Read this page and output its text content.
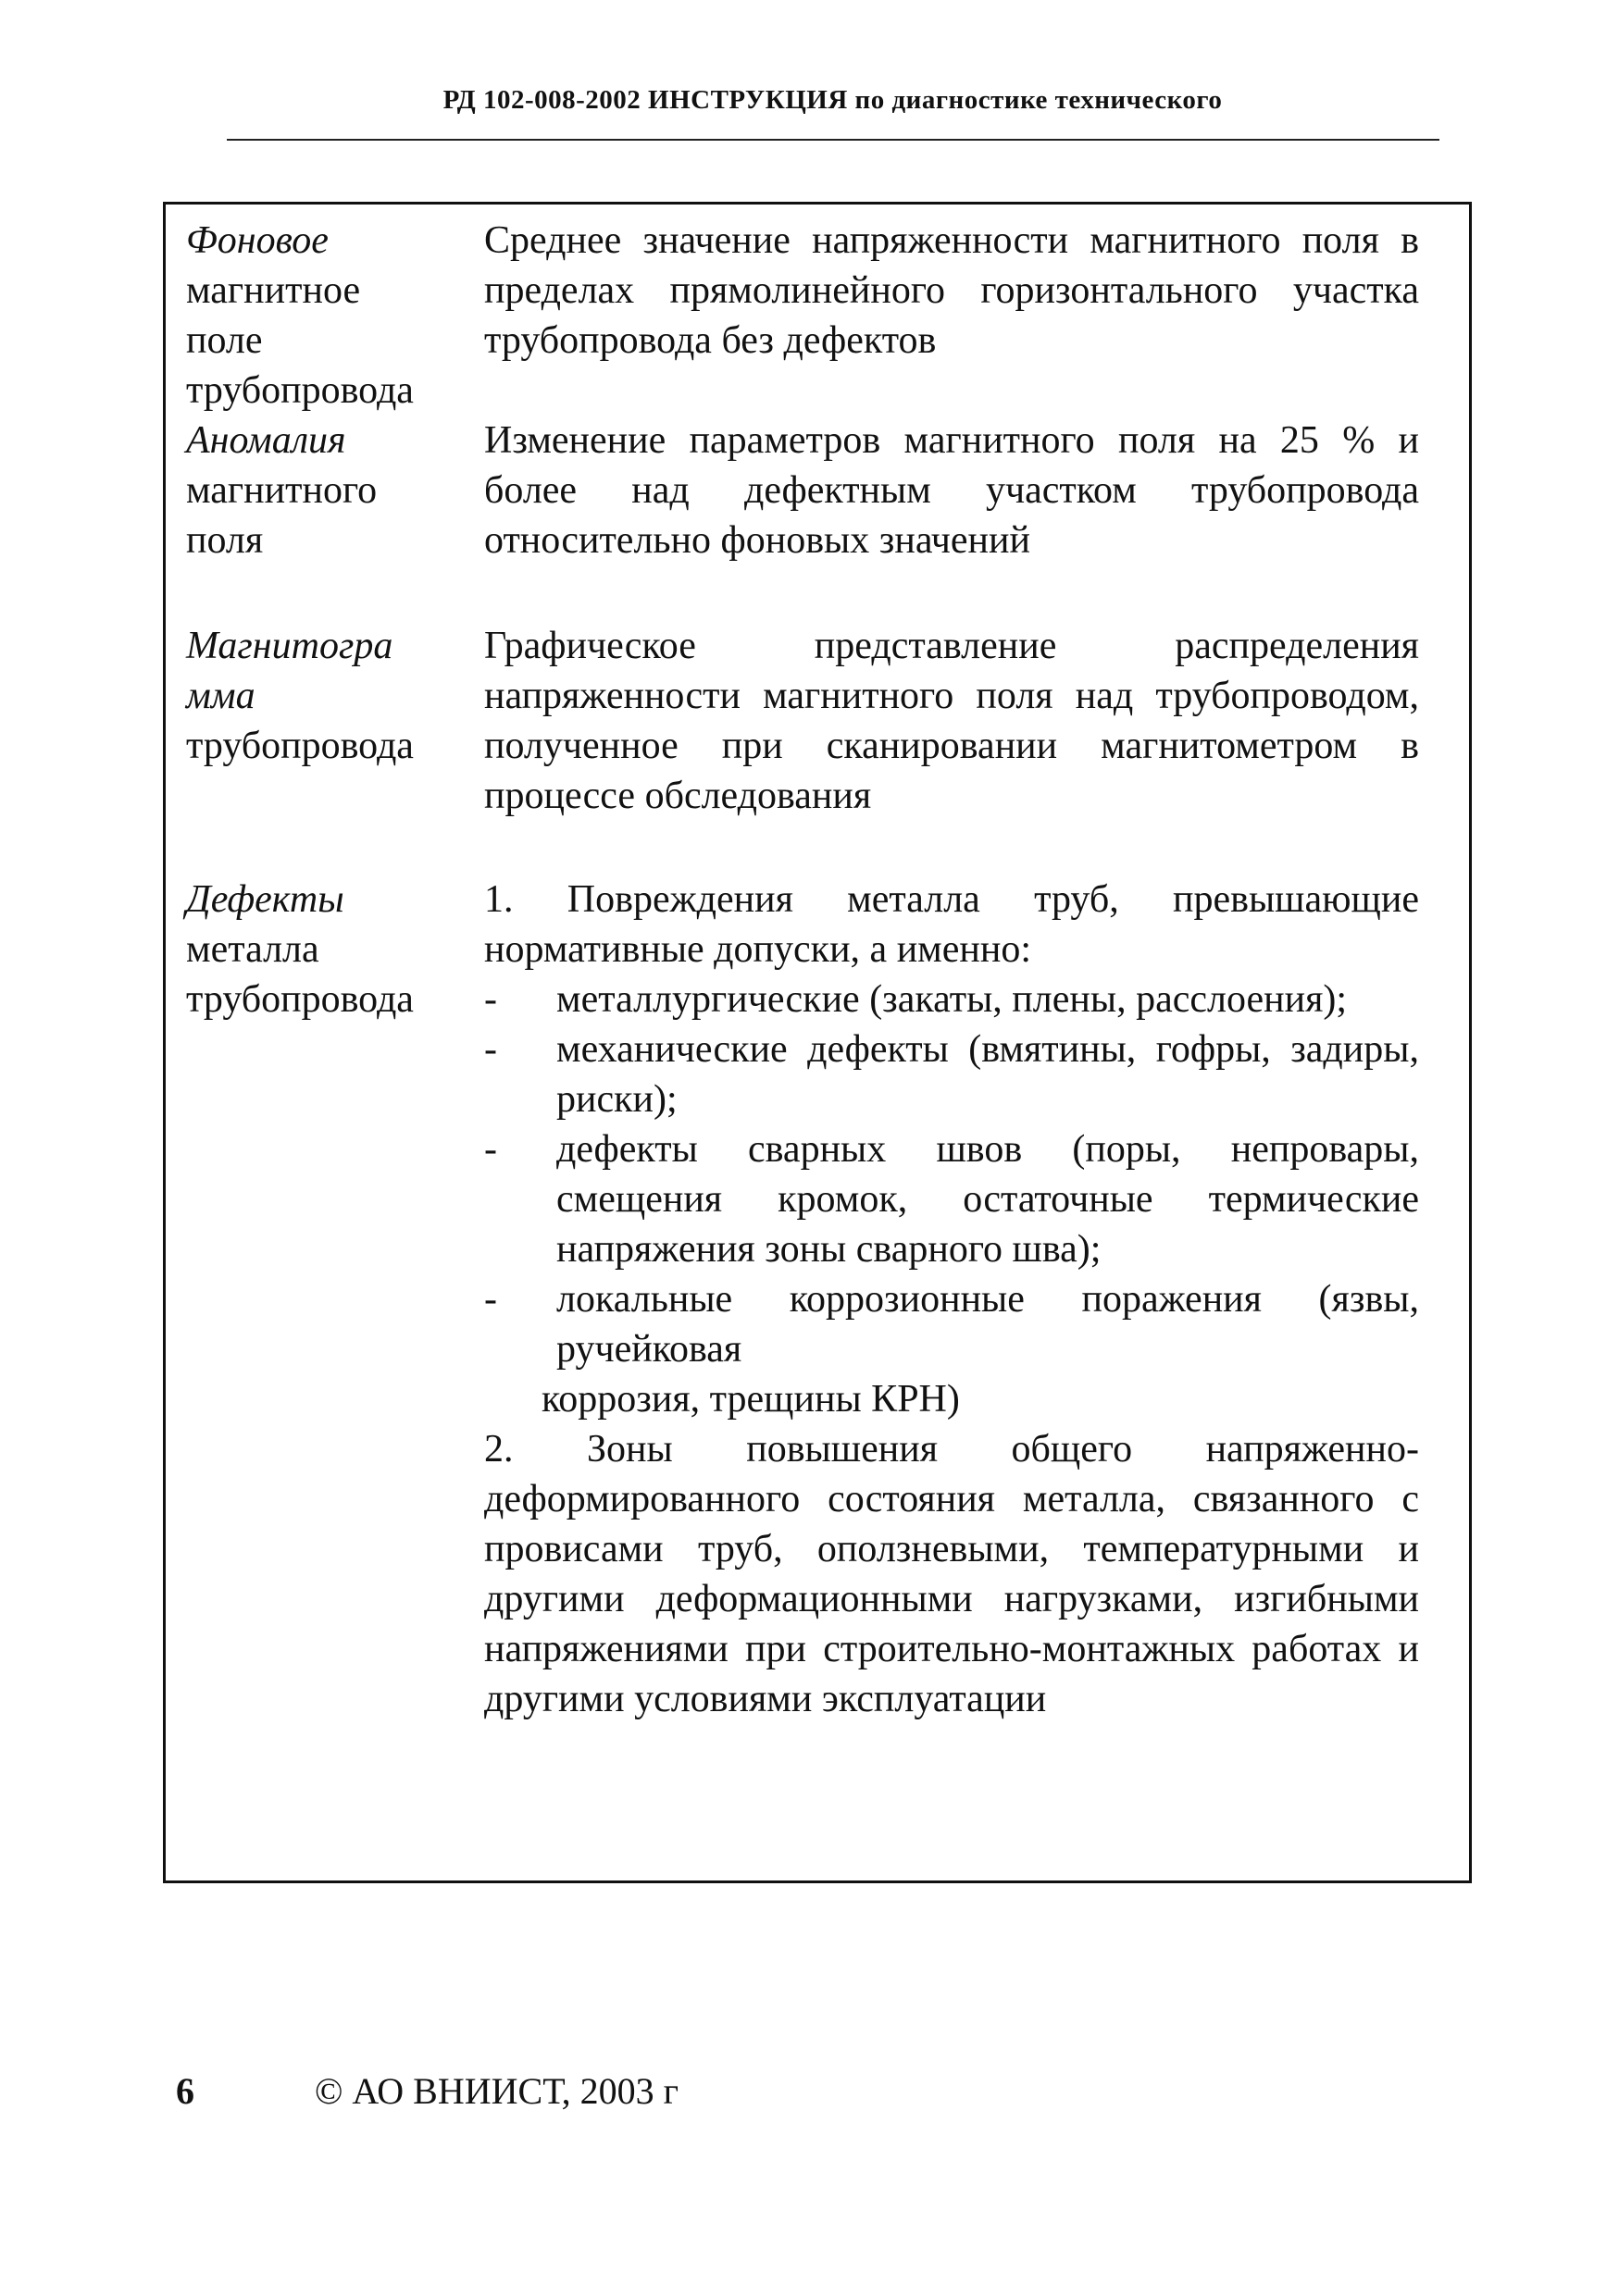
РД 102-008-2002 ИНСТРУКЦИЯ по диагностике технического
Фоновое
магнитное
поле
трубопровода

Среднее значение напряженности магнитного поля в пределах прямолинейного горизонтального участка трубопровода без дефектов

Аномалия
магнитного
поля

Изменение параметров магнитного поля на 25 % и более над дефектным участком трубопровода относительно фоновых значений

Магнитогра
мма
трубопровода

Графическое представление распределения напряженности магнитного поля над трубопроводом, полученное при сканировании магнитометром в процессе обследования

Дефекты
металла
трубопровода

1. Повреждения металла труб, превышающие нормативные допуски, а именно:

- металлургические (закаты, плены, расслоения);
- механические дефекты (вмятины, гофры, задиры, риски);
- дефекты сварных швов (поры, непровары, смещения кромок, остаточные термические напряжения зоны сварного шва);
- локальные коррозионные поражения (язвы, ручейковая
коррозия, трещины КРН)

2. Зоны повышения общего напряженно-деформированного состояния металла, связанного с провисами труб, оползневыми, температурными и другими деформационными нагрузками, изгибными напряжениями при строительно-монтажных работах и другими условиями эксплуатации

6	© АО ВНИИСТ, 2003 г
